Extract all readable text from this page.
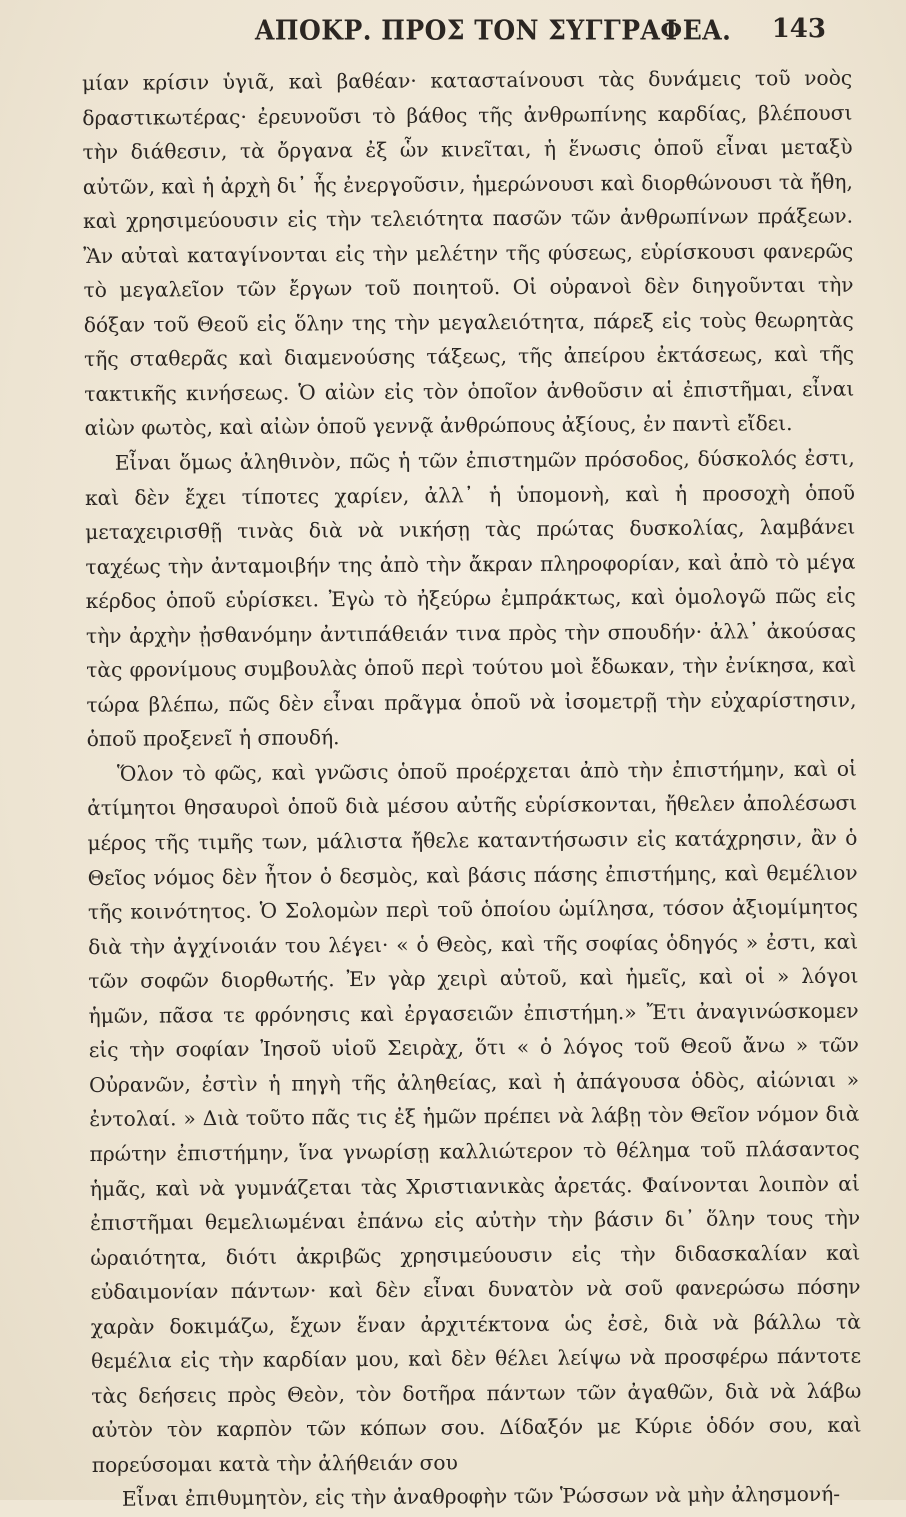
ΑΠΟΚΡ. ΠΡΟΣ ΤΟΝ ΣΥΓΓΡΑΦΕΑ. 143

μίαν κρίσιν ὑγιᾶ, καὶ βαθέαν· καταστaίνουσι τὰς δυνάμεις τοῦ νοὸς δραστικωτέρας· ἐρευνοῦσι τὸ βάθος τῆς ἀνθρωπίνης καρδίας, βλέπουσι τὴν διάθεσιν, τὰ ὄργανα ἐξ ὧν κινεῖται, ἡ ἕνωσις ὁποῦ εἶναι μεταξὺ αὐτῶν, καὶ ἡ ἀρχὴ δι᾽ ἧς ἐνεργοῦσιν, ἡμερώνουσι καὶ διορθώνουσι τὰ ἤθη, καὶ χρησιμεύουσιν εἰς τὴν τελειότητα πασῶν τῶν ἀνθρωπίνων πράξεων. Ἂν αὐταὶ καταγίνονται εἰς τὴν μελέτην τῆς φύσεως, εὑρίσκουσι φανερῶς τὸ μεγαλεῖον τῶν ἔργων τοῦ ποιητοῦ. Οἱ οὐρανοὶ δὲν διηγοῦνται τὴν δόξαν τοῦ Θεοῦ εἰς ὅλην της τὴν μεγαλειότητα, πάρεξ εἰς τοὺς θεωρητὰς τῆς σταθερᾶς καὶ διαμενούσης τάξεως, τῆς ἀπείρου ἐκτάσεως, καὶ τῆς τακτικῆς κινήσεως. Ὁ αἰὼν εἰς τὸν ὁποῖον ἀνθοῦσιν αἱ ἐπιστῆμαι, εἶναι αἰὼν φωτὸς, καὶ αἰὼν ὁποῦ γεννᾷ ἀνθρώπους ἀξίους, ἐν παντὶ εἴδει.

Εἶναι ὅμως ἀληθινὸν, πῶς ἡ τῶν ἐπιστημῶν πρόσοδος, δύσκολός ἐστι, καὶ δὲν ἔχει τίποτες χαρίεν, ἀλλ᾽ ἡ ὑπομονὴ, καὶ ἡ προσοχὴ ὁποῦ μεταχειρισθῇ τινὰς διὰ νὰ νικήσῃ τὰς πρώτας δυσκολίας, λαμβάνει ταχέως τὴν ἀνταμοιβήν της ἀπὸ τὴν ἄκραν πληροφορίαν, καὶ ἀπὸ τὸ μέγα κέρδος ὁποῦ εὑρίσκει. Ἐγὼ τὸ ἠξεύρω ἐμπράκτως, καὶ ὁμολογῶ πῶς εἰς τὴν ἀρχὴν ᾐσθανόμην ἀντιπάθειάν τινα πρὸς τὴν σπουδήν· ἀλλ᾽ ἀκούσας τὰς φρονίμους συμβουλὰς ὁποῦ περὶ τούτου μοὶ ἔδωκαν, τὴν ἐνίκησα, καὶ τώρα βλέπω, πῶς δὲν εἶναι πρᾶγμα ὁποῦ νὰ ἰσομετρῇ τὴν εὐχαρίστησιν, ὁποῦ προξενεῖ ἡ σπουδή.

Ὅλον τὸ φῶς, καὶ γνῶσις ὁποῦ προέρχεται ἀπὸ τὴν ἐπιστήμην, καὶ οἱ ἀτίμητοι θησαυροὶ ὁποῦ διὰ μέσου αὐτῆς εὑρίσκονται, ἤθελεν ἀπολέσωσι μέρος τῆς τιμῆς των, μάλιστα ἤθελε καταντήσωσιν εἰς κατάχρησιν, ἂν ὁ Θεῖος νόμος δὲν ἦτον ὁ δεσμὸς, καὶ βάσις πάσης ἐπιστήμης, καὶ θεμέλιον τῆς κοινότητος. Ὁ Σολομὼν περὶ τοῦ ὁποίου ὡμίλησα, τόσον ἀξιομίμητος διὰ τὴν ἀγχίνοιάν του λέγει· « ὁ Θεὸς, καὶ τῆς σοφίας ὁδηγός » ἐστι, καὶ τῶν σοφῶν διορθωτής. Ἐν γὰρ χειρὶ αὐτοῦ, καὶ ἡμεῖς, καὶ οἱ » λόγοι ἡμῶν, πᾶσα τε φρόνησις καὶ ἐργασειῶν ἐπιστήμη.» Ἔτι ἀναγινώσκομεν εἰς τὴν σοφίαν Ἰησοῦ υἱοῦ Σειρὰχ, ὅτι « ὁ λόγος τοῦ Θεοῦ ἄνω » τῶν Οὐρανῶν, ἐστὶν ἡ πηγὴ τῆς ἀληθείας, καὶ ἡ ἀπάγουσα ὁδὸς, αἰώνιαι » ἐντολαί. » Διὰ τοῦτο πᾶς τις ἐξ ἡμῶν πρέπει νὰ λάβῃ τὸν Θεῖον νόμον διὰ πρώτην ἐπιστήμην, ἵνα γνωρίσῃ καλλιώτερον τὸ θέλημα τοῦ πλάσαντος ἡμᾶς, καὶ νὰ γυμνάζεται τὰς Χριστιανικὰς ἀρετάς. Φαίνονται λοιπὸν αἱ ἐπιστῆμαι θεμελιωμέναι ἐπάνω εἰς αὐτὴν τὴν βάσιν δι᾽ ὅλην τους τὴν ὡραιότητα, διότι ἀκριβῶς χρησιμεύουσιν εἰς τὴν διδασκαλίαν καὶ εὐδαιμονίαν πάντων· καὶ δὲν εἶναι δυνατὸν νὰ σοῦ φανερώσω πόσην χαρὰν δοκιμάζω, ἔχων ἕναν ἀρχιτέκτονα ὡς ἐσὲ, διὰ νὰ βάλλω τὰ θεμέλια εἰς τὴν καρδίαν μου, καὶ δὲν θέλει λείψω νὰ προσφέρω πάντοτε τὰς δεήσεις πρὸς Θεὸν, τὸν δοτῆρα πάντων τῶν ἀγαθῶν, διὰ νὰ λάβω αὐτὸν τὸν καρπὸν τῶν κόπων σου. Δίδαξόν με Κύριε ὁδόν σου, καὶ πορεύσομαι κατὰ τὴν ἀλήθειάν σου

Εἶναι ἐπιθυμητὸν, εἰς τὴν ἀναθροφὴν τῶν Ῥώσσων νὰ μὴν ἀλησμονή-
